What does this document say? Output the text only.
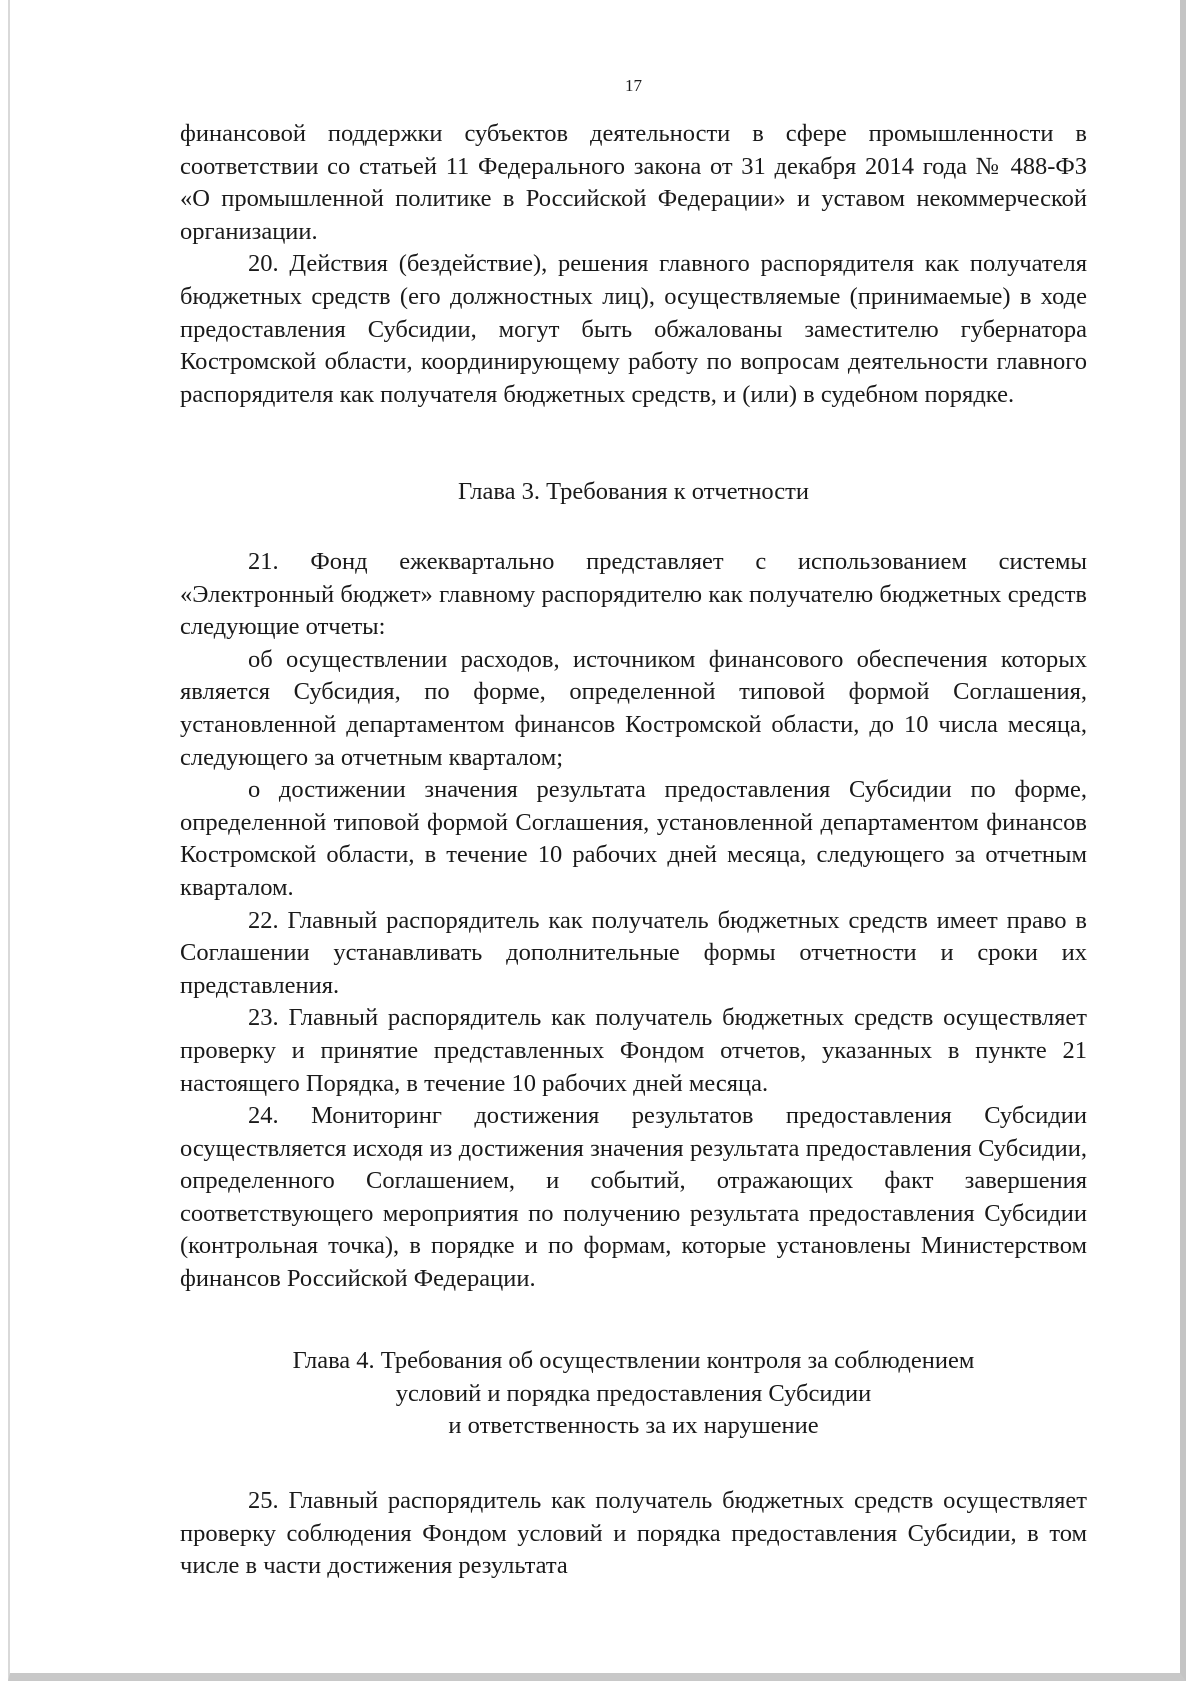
17

финансовой поддержки субъектов деятельности в сфере промышленности в соответствии со статьей 11 Федерального закона от 31 декабря 2014 года № 488-ФЗ «О промышленной политике в Российской Федерации» и уставом некоммерческой организации.

20. Действия (бездействие), решения главного распорядителя как получателя бюджетных средств (его должностных лиц), осуществляемые (принимаемые) в ходе предоставления Субсидии, могут быть обжалованы заместителю губернатора Костромской области, координирующему работу по вопросам деятельности главного распорядителя как получателя бюджетных средств, и (или) в судебном порядке.

Глава 3. Требования к отчетности

21. Фонд ежеквартально представляет с использованием системы «Электронный бюджет» главному распорядителю как получателю бюджетных средств следующие отчеты:

об осуществлении расходов, источником финансового обеспечения которых является Субсидия, по форме, определенной типовой формой Соглашения, установленной департаментом финансов Костромской области, до 10 числа месяца, следующего за отчетным кварталом;

о достижении значения результата предоставления Субсидии по форме, определенной типовой формой Соглашения, установленной департаментом финансов Костромской области, в течение 10 рабочих дней месяца, следующего за отчетным кварталом.

22. Главный распорядитель как получатель бюджетных средств имеет право в Соглашении устанавливать дополнительные формы отчетности и сроки их представления.

23. Главный распорядитель как получатель бюджетных средств осуществляет проверку и принятие представленных Фондом отчетов, указанных в пункте 21 настоящего Порядка, в течение 10 рабочих дней месяца.

24. Мониторинг достижения результатов предоставления Субсидии осуществляется исходя из достижения значения результата предоставления Субсидии, определенного Соглашением, и событий, отражающих факт завершения соответствующего мероприятия по получению результата предоставления Субсидии (контрольная точка), в порядке и по формам, которые установлены Министерством финансов Российской Федерации.

Глава 4. Требования об осуществлении контроля за соблюдением
условий и порядка предоставления Субсидии
и ответственность за их нарушение

25. Главный распорядитель как получатель бюджетных средств осуществляет проверку соблюдения Фондом условий и порядка предоставления Субсидии, в том числе в части достижения результата
